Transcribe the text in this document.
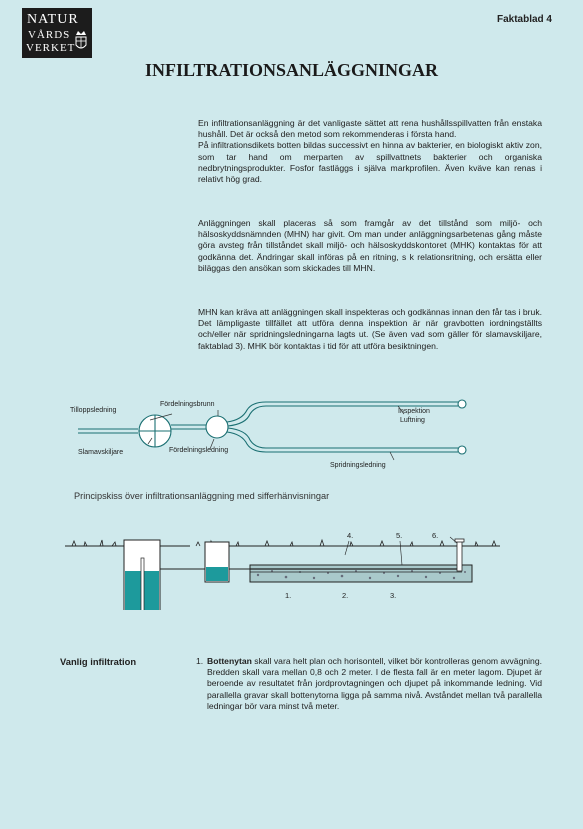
NATUR
VÅRDS
VERKET
Faktablad 4
INFILTRATIONSANLÄGGNINGAR

En infiltrationsanläggning är det vanligaste sättet att rena hushållsspillvatten från enstaka hushåll. Det är också den metod som rekommenderas i första hand.

På infiltrationsdikets botten bildas successivt en hinna av bakterier, en biologiskt aktiv zon, som tar hand om merparten av spillvattnets bakterier och organiska nedbrytningsprodukter. Fosfor fastläggs i själva markprofilen. Även kväve kan renas i relativt hög grad.

Anläggningen skall placeras så som framgår av det tillstånd som miljö- och hälsoskyddsnämnden (MHN) har givit. Om man under anläggningsarbetenas gång måste göra avsteg från tillståndet skall miljö- och hälsoskyddskontoret (MHK) kontaktas för att godkänna det. Ändringar skall införas på en ritning, s k relationsritning, och ersätta eller biläggas den ansökan som skickades till MHN.

MHN kan kräva att anläggningen skall inspekteras och godkännas innan den får tas i bruk. Det lämpligaste tillfället att utföra denna inspektion är när gravbotten iordningställts och/eller när spridningsledningarna lagts ut. (Se även vad som gäller för slamavskiljare, faktablad 3). MHK bör kontaktas i tid för att utföra besiktningen.

Tilloppsledning
Slamavskiljare
Fördelningsbrunn
Fördelningsledning
Inspektion
Luftning
Spridningsledning
Principskiss över infiltrationsanläggning med sifferhänvisningar
4.	5.	6.
1.	2.	3.
Vanlig infiltration	1. Bottenytan skall vara helt plan och horisontell, vilket bör kontrolleras genom avvägning. Bredden skall vara mellan 0,8 och 2 meter. I de flesta fall är en meter lagom. Djupet är beroende av resultatet från jordprovtagningen och djupet på inkommande ledning. Vid parallella gravar skall bottenytorna ligga på samma nivå. Avståndet mellan två parallella ledningar bör vara minst två meter.
